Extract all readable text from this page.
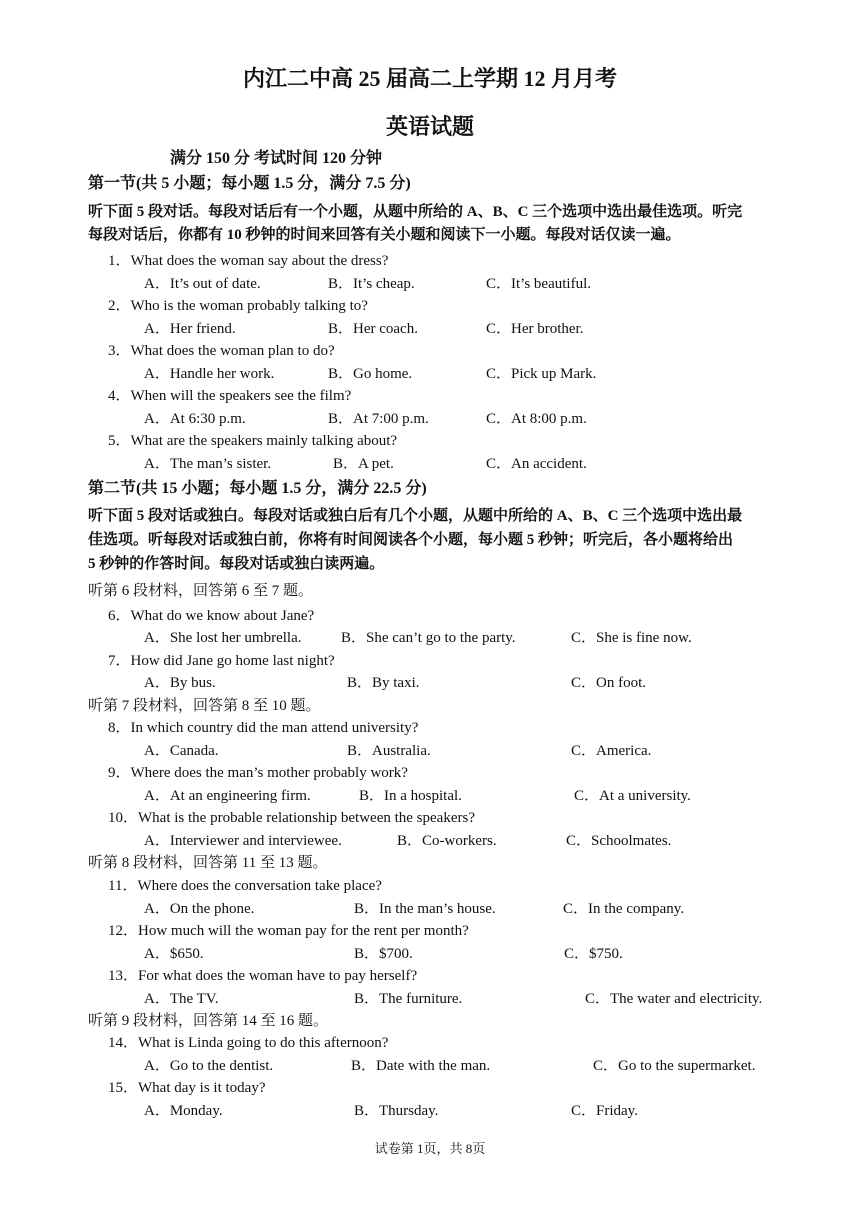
内江二中高 25 届高二上学期 12 月月考
英语试题
满分 150 分 考试时间 120 分钟
第一节(共 5 小题；每小题 1.5 分，满分 7.5 分)
听下面 5 段对话。每段对话后有一个小题，从题中所给的 A、B、C 三个选项中选出最佳选项。听完
每段对话后，你都有 10 秒钟的时间来回答有关小题和阅读下一小题。每段对话仅读一遍。
1．What does the woman say about the dress?
A．It’s out of date.	B．It’s cheap.	C．It’s beautiful.
2．Who is the woman probably talking to?
A．Her friend.	B．Her coach.	C．Her brother.
3．What does the woman plan to do?
A．Handle her work.	B．Go home.	C．Pick up Mark.
4．When will the speakers see the film?
A．At 6:30 p.m.	B．At 7:00 p.m.	C．At 8:00 p.m.
5．What are the speakers mainly talking about?
A．The man’s sister.	B．A pet.	C．An accident.
第二节(共 15 小题；每小题 1.5 分，满分 22.5 分)
听下面 5 段对话或独白。每段对话或独白后有几个小题，从题中所给的 A、B、C 三个选项中选出最
佳选项。听每段对话或独白前，你将有时间阅读各个小题，每小题 5 秒钟；听完后，各小题将给出
5 秒钟的作答时间。每段对话或独白读两遍。
听第 6 段材料，回答第 6 至 7 题。
6．What do we know about Jane?
A．She lost her umbrella.	B．She can’t go to the party.	C．She is fine now.
7．How did Jane go home last night?
A．By bus.	B．By taxi.	C．On foot.
听第 7 段材料，回答第 8 至 10 题。
8．In which country did the man attend university?
A．Canada.	B．Australia.	C．America.
9．Where does the man’s mother probably work?
A．At an engineering firm.	B．In a hospital.	C．At a university.
10．What is the probable relationship between the speakers?
A．Interviewer and interviewee.	B．Co-workers.	C．Schoolmates.
听第 8 段材料，回答第 11 至 13 题。
11．Where does the conversation take place?
A．On the phone.	B．In the man’s house.	C．In the company.
12．How much will the woman pay for the rent per month?
A．$650.	B．$700.	C．$750.
13．For what does the woman have to pay herself?
A．The TV.	B．The furniture.	C．The water and electricity.
听第 9 段材料，回答第 14 至 16 题。
14．What is Linda going to do this afternoon?
A．Go to the dentist.	B．Date with the man.	C．Go to the supermarket.
15．What day is it today?
A．Monday.	B．Thursday.	C．Friday.
试卷第 1页，共 8页
